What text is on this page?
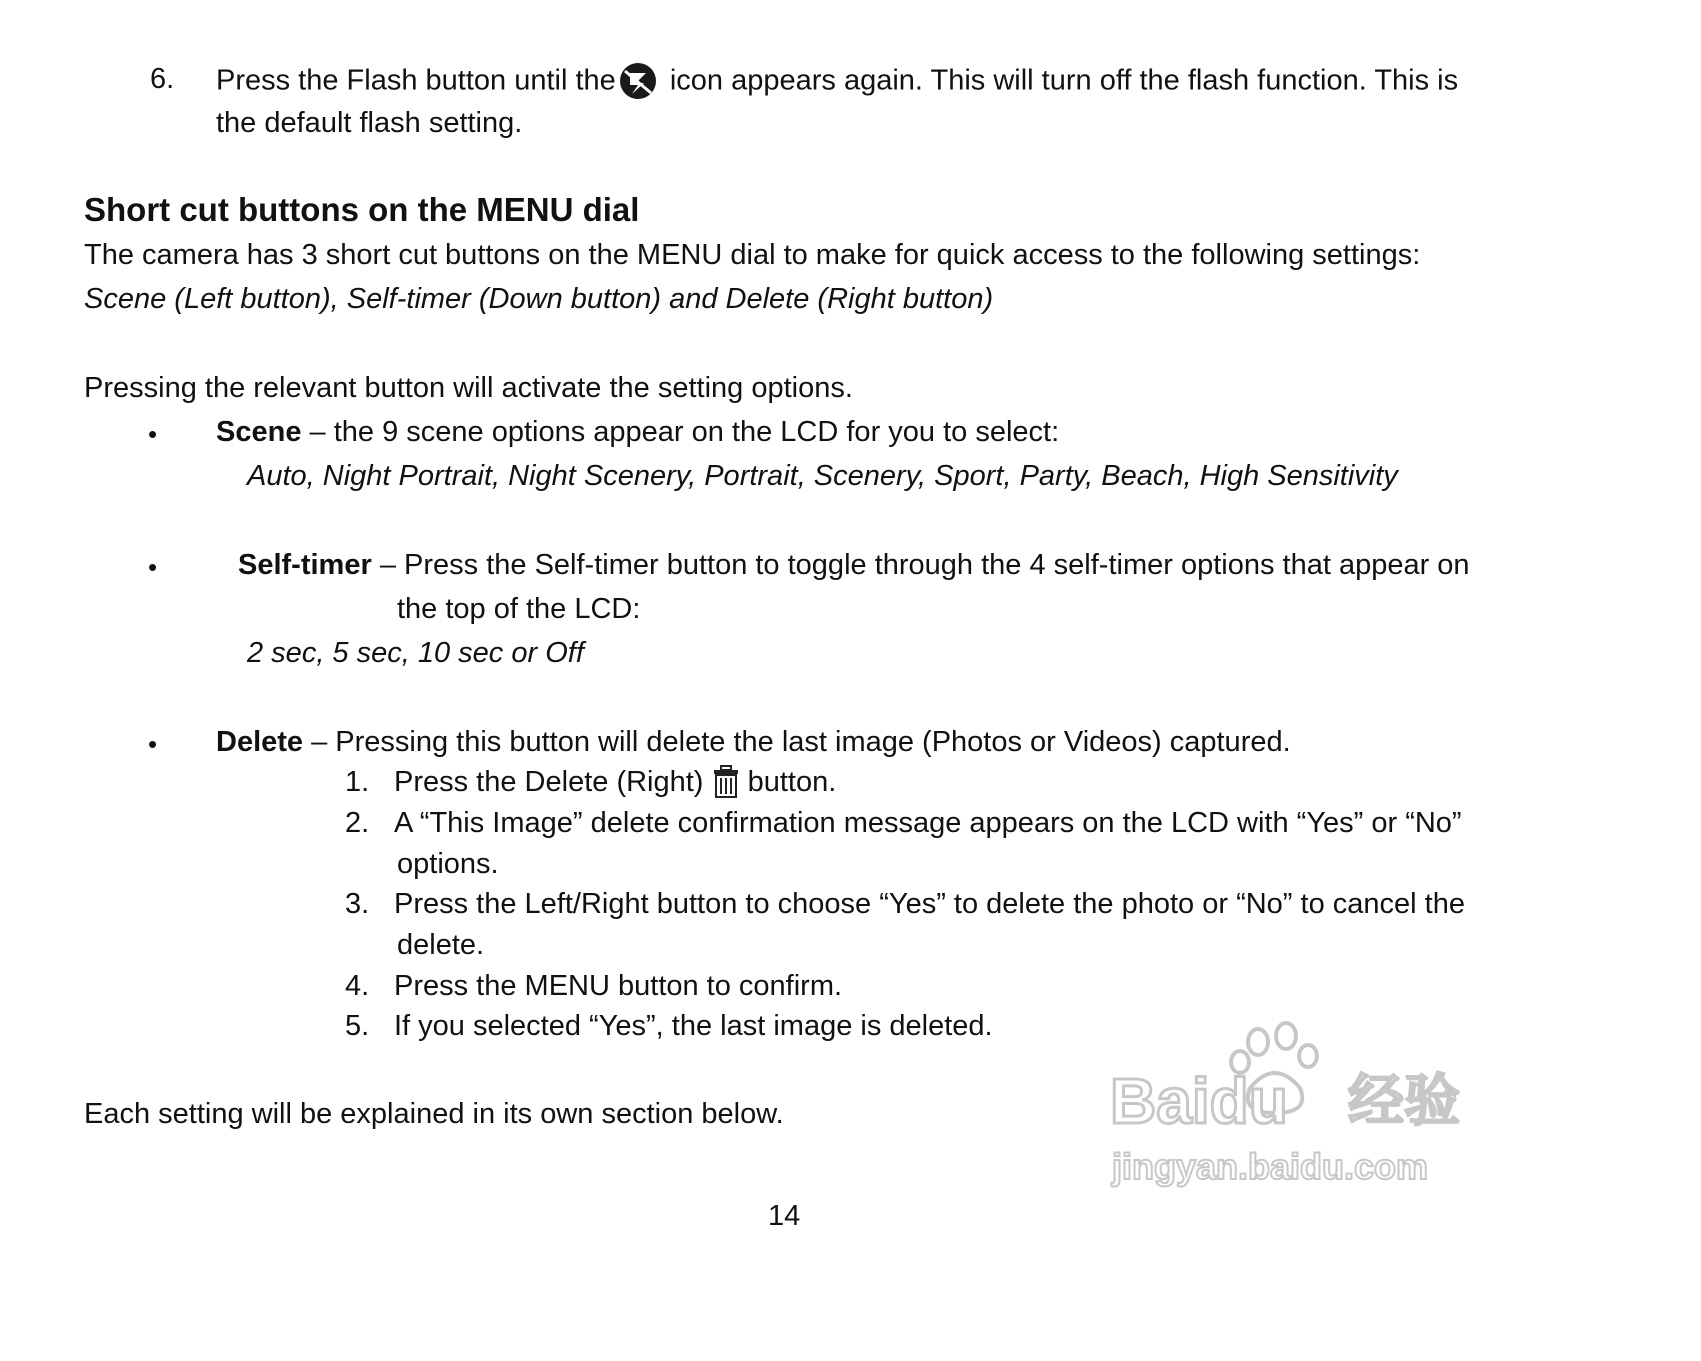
6. Press the Flash button until the icon appears again. This will turn off the flash function. This is
the default flash setting.
Short cut buttons on the MENU dial
The camera has 3 short cut buttons on the MENU dial to make for quick access to the following settings:
Scene (Left button), Self-timer (Down button) and Delete (Right button)
Pressing the relevant button will activate the setting options.
• Scene – the 9 scene options appear on the LCD for you to select:
Auto, Night Portrait, Night Scenery, Portrait, Scenery, Sport, Party, Beach, High Sensitivity
•	Self-timer – Press the Self-timer button to toggle through the 4 self-timer options that appear on
the top of the LCD:
2 sec, 5 sec, 10 sec or Off
• Delete – Pressing this button will delete the last image (Photos or Videos) captured.
1. Press the Delete (Right)  button.
2. A “This Image” delete confirmation message appears on the LCD with “Yes” or “No”
options.
3. Press the Left/Right button to choose “Yes” to delete the photo or “No” to cancel the
delete.
4. Press the MENU button to confirm.
5. If you selected “Yes”, the last image is deleted.
Each setting will be explained in its own section below.
14
Baidu 经验
jingyan.baidu.com
